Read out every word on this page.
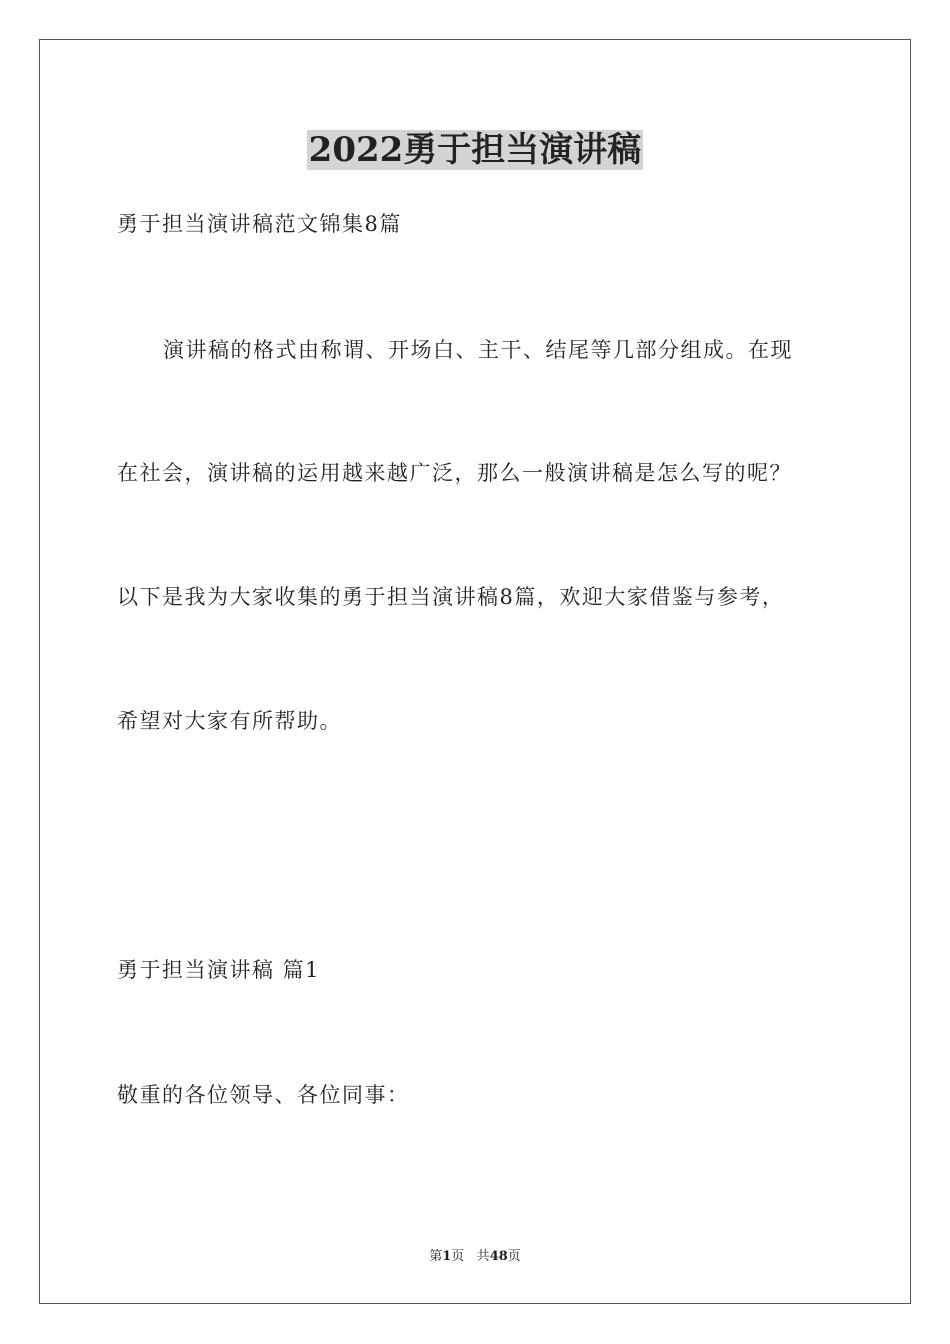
2022勇于担当演讲稿
勇于担当演讲稿范文锦集8篇
演讲稿的格式由称谓、开场白、主干、结尾等几部分组成。在现
在社会，演讲稿的运用越来越广泛，那么一般演讲稿是怎么写的呢？
以下是我为大家收集的勇于担当演讲稿8篇，欢迎大家借鉴与参考，
希望对大家有所帮助。
勇于担当演讲稿 篇1
敬重的各位领导、各位同事：
第1页 共48页
